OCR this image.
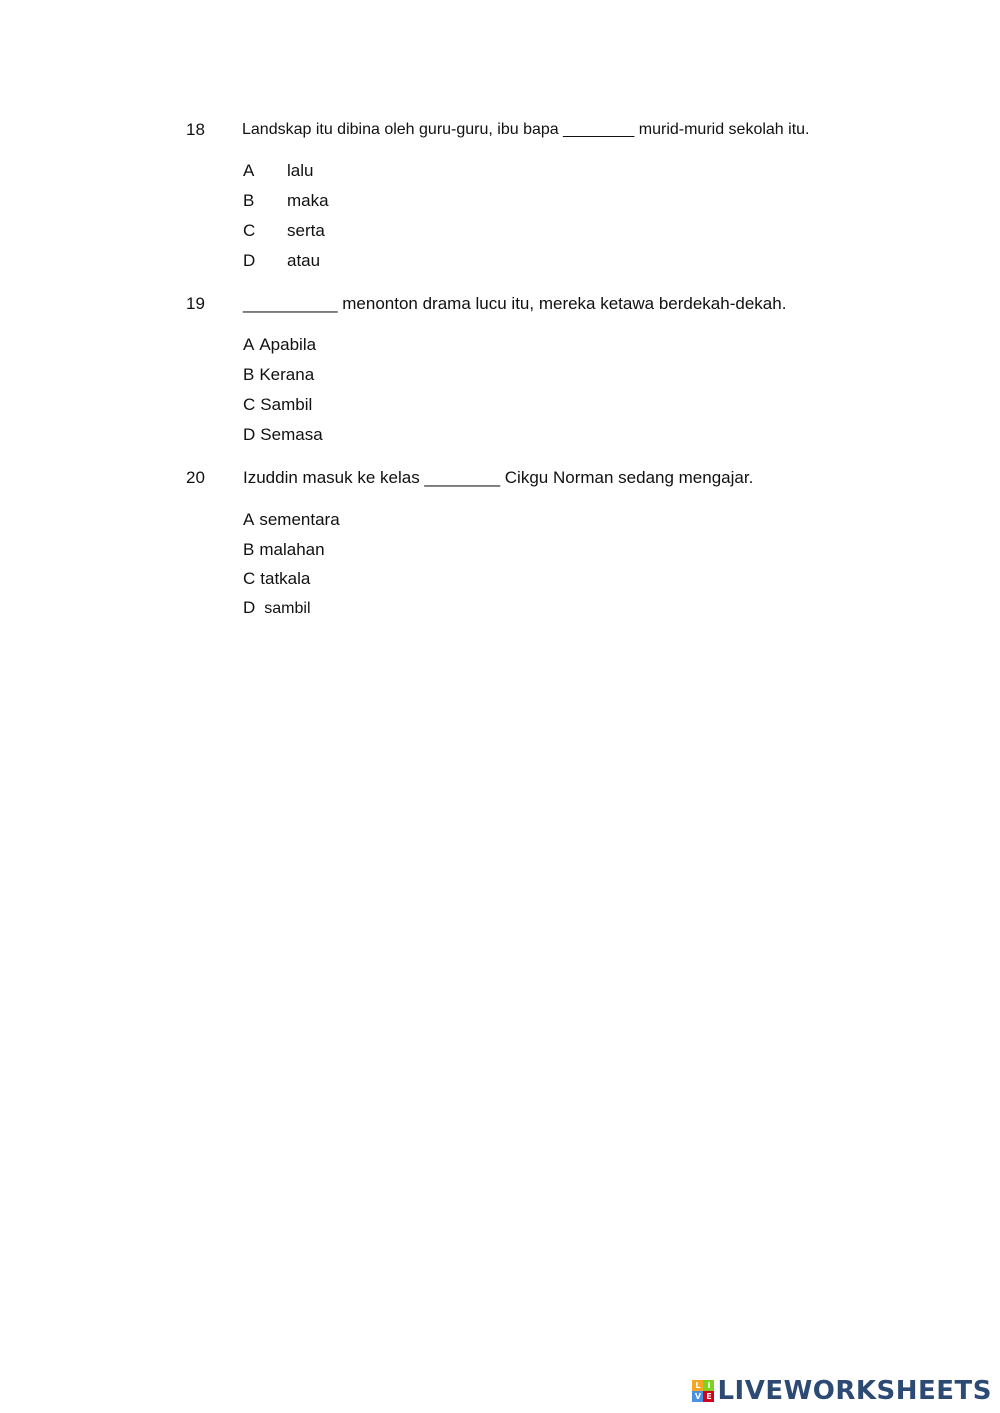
18 Landskap itu dibina oleh guru-guru, ibu bapa ________ murid-murid sekolah itu.
A lalu
B maka
C serta
D atau
19 __________ menonton drama lucu itu, mereka ketawa berdekah-dekah.
A Apabila
B Kerana
C Sambil
D Semasa
20 Izuddin masuk ke kelas ________ Cikgu Norman sedang mengajar.
A sementara
B malahan
C tatkala
D sambil
L I
V E LIVEWORKSHEETS
